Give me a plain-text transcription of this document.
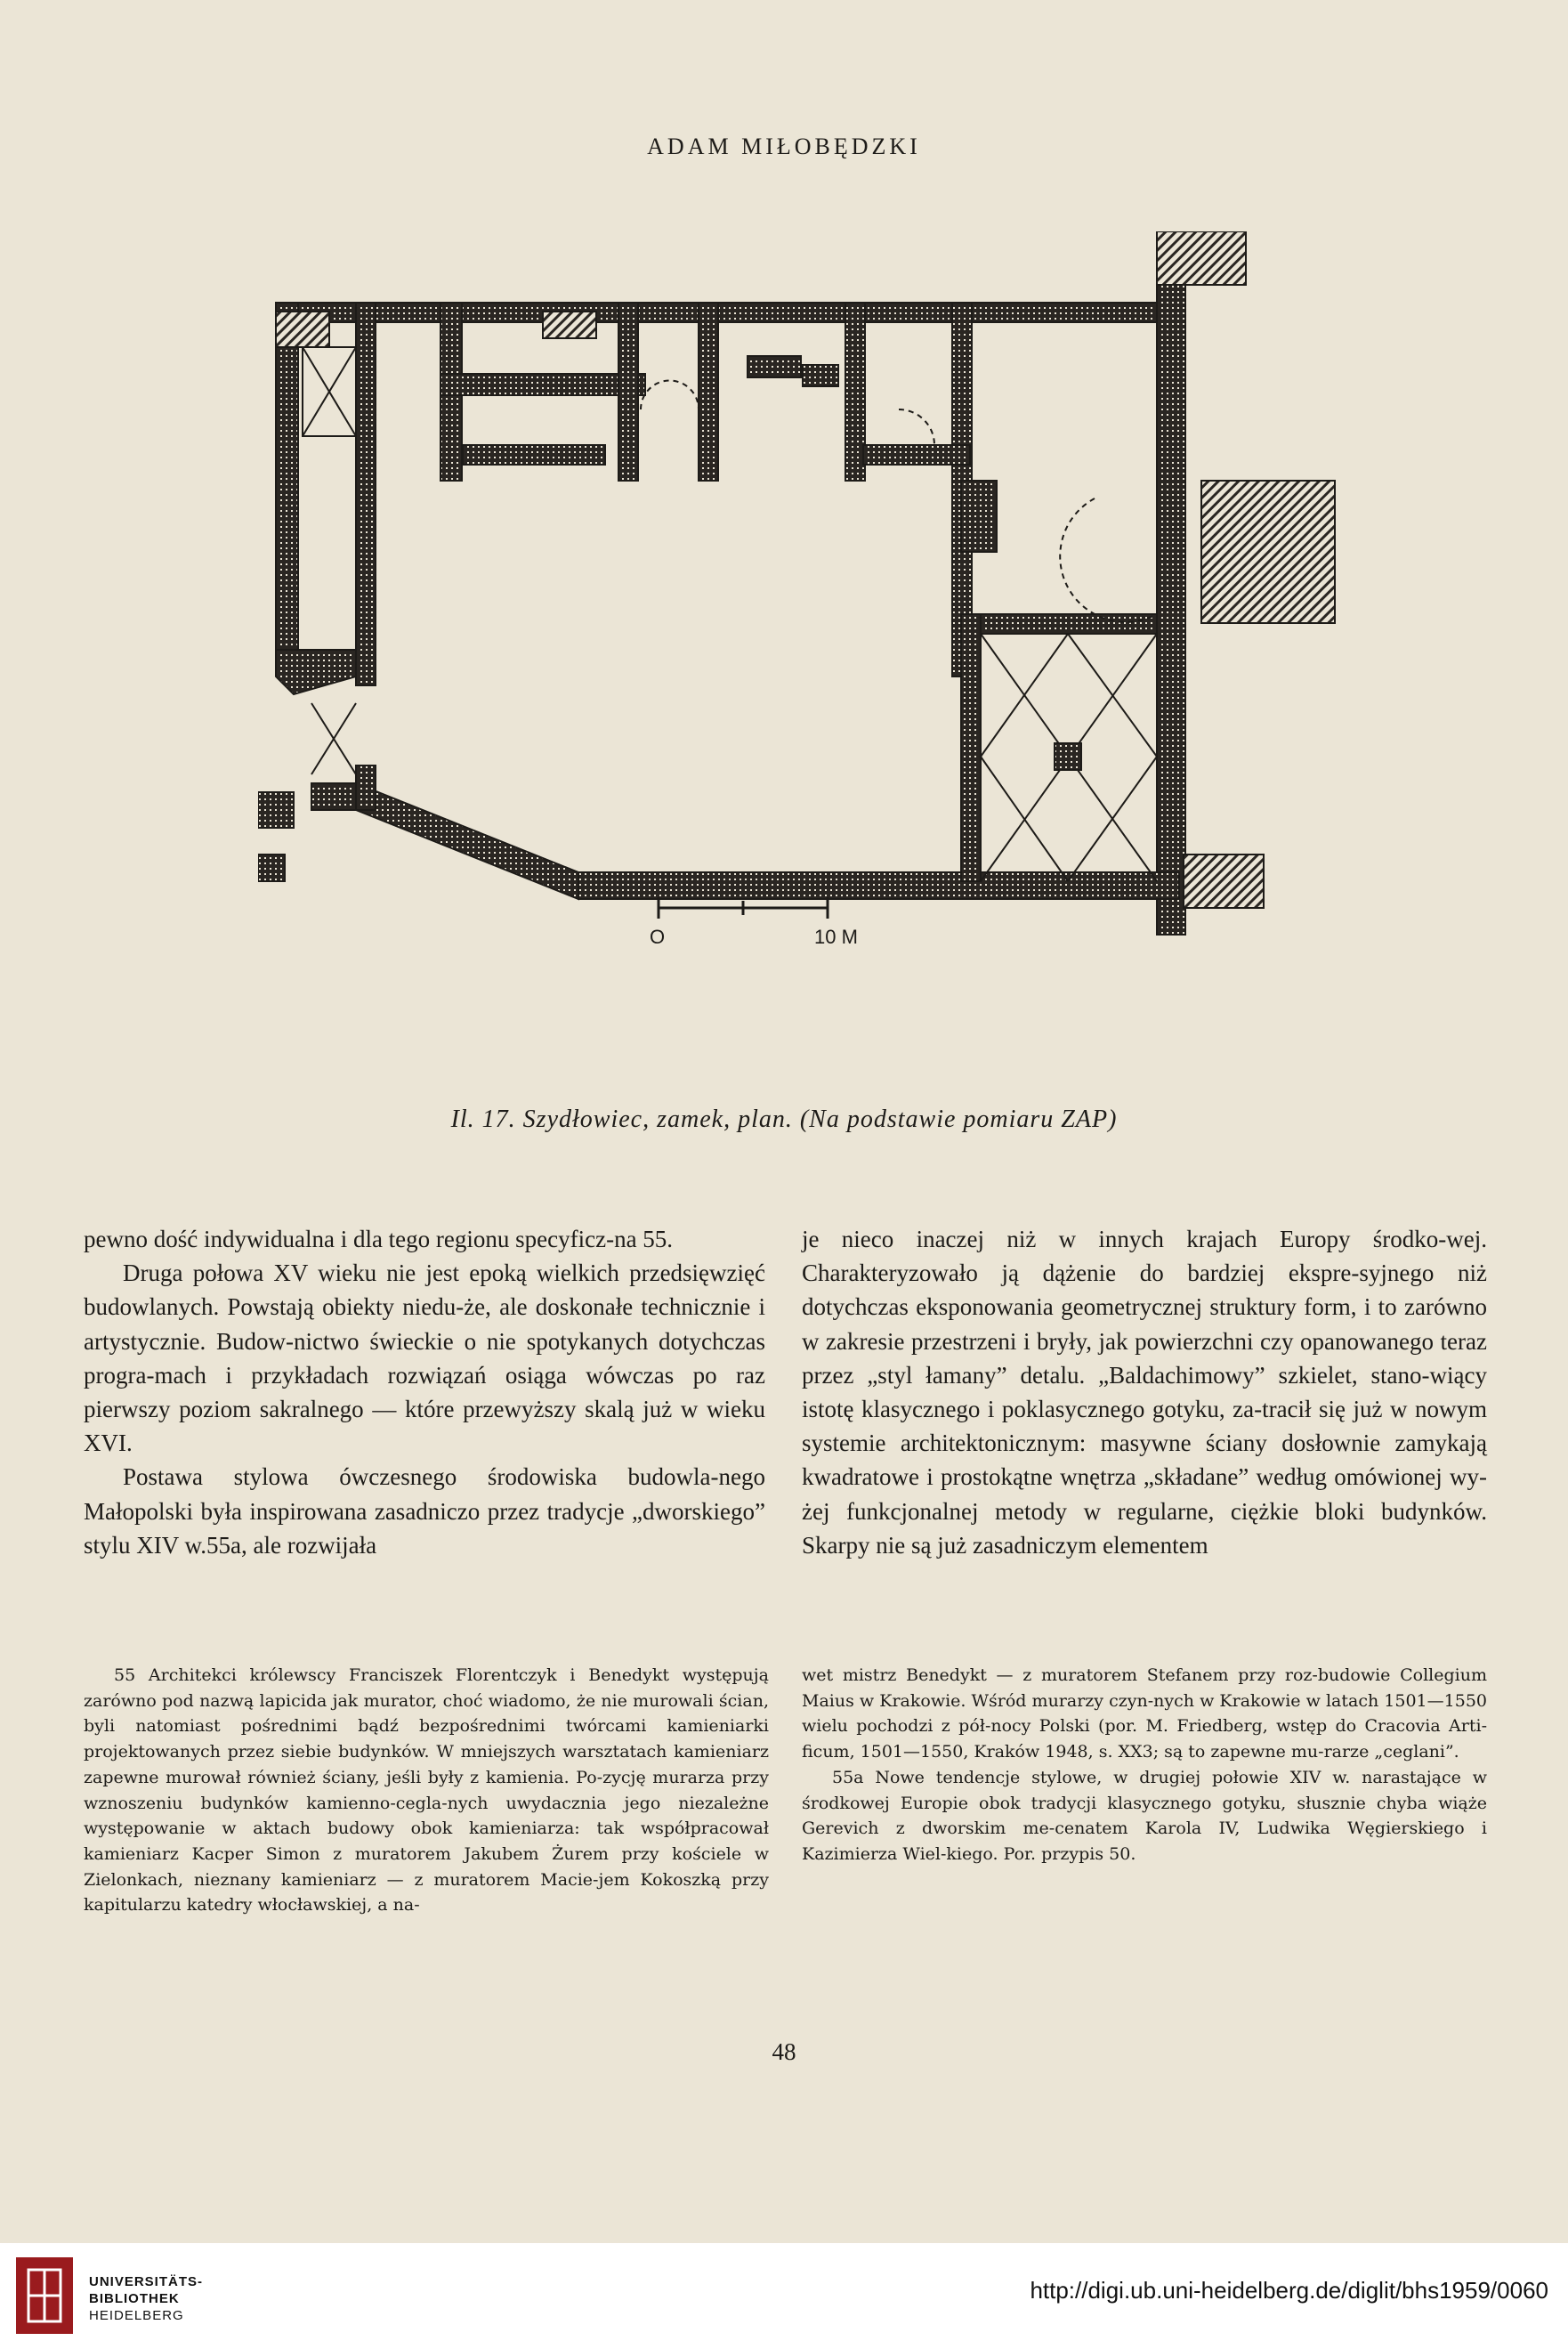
ADAM MIŁOBĘDZKI
O	10 M
Il. 17. Szydłowiec, zamek, plan. (Na podstawie pomiaru ZAP)

pewno dość indywidualna i dla tego regionu specyficz-na 55.

Druga połowa XV wieku nie jest epoką wielkich przedsięwzięć budowlanych. Powstają obiekty niedu-że, ale doskonałe technicznie i artystycznie. Budow-nictwo świeckie o nie spotykanych dotychczas progra-mach i przykładach rozwiązań osiąga wówczas po raz pierwszy poziom sakralnego — które przewyższy skalą już w wieku XVI.

Postawa stylowa ówczesnego środowiska budowla-nego Małopolski była inspirowana zasadniczo przez tradycje „dworskiego” stylu XIV w.55a, ale rozwijała

je nieco inaczej niż w innych krajach Europy środko-wej. Charakteryzowało ją dążenie do bardziej ekspre-syjnego niż dotychczas eksponowania geometrycznej struktury form, i to zarówno w zakresie przestrzeni i bryły, jak powierzchni czy opanowanego teraz przez „styl łamany” detalu. „Baldachimowy” szkielet, stano-wiący istotę klasycznego i poklasycznego gotyku, za-tracił się już w nowym systemie architektonicznym: masywne ściany dosłownie zamykają kwadratowe i prostokątne wnętrza „składane” według omówionej wy-żej funkcjonalnej metody w regularne, ciężkie bloki budynków. Skarpy nie są już zasadniczym elementem

55 Architekci królewscy Franciszek Florentczyk i Benedykt występują zarówno pod nazwą lapicida jak murator, choć wiadomo, że nie murowali ścian, byli natomiast pośrednimi bądź bezpośrednimi twórcami kamieniarki projektowanych przez siebie budynków. W mniejszych warsztatach kamieniarz zapewne murował również ściany, jeśli były z kamienia. Po-zycję murarza przy wznoszeniu budynków kamienno-cegla-nych uwydacznia jego niezależne występowanie w aktach budowy obok kamieniarza: tak współpracował kamieniarz Kacper Simon z muratorem Jakubem Żurem przy kościele w Zielonkach, nieznany kamieniarz — z muratorem Macie-jem Kokoszką przy kapitularzu katedry włocławskiej, a na-

wet mistrz Benedykt — z muratorem Stefanem przy roz-budowie Collegium Maius w Krakowie. Wśród murarzy czyn-nych w Krakowie w latach 1501—1550 wielu pochodzi z pół-nocy Polski (por. M. Friedberg, wstęp do Cracovia Arti-ficum, 1501—1550, Kraków 1948, s. XX3; są to zapewne mu-rarze „ceglani”.

55a Nowe tendencje stylowe, w drugiej połowie XIV w. narastające w środkowej Europie obok tradycji klasycznego gotyku, słusznie chyba wiąże Gerevich z dworskim me-cenatem Karola IV, Ludwika Węgierskiego i Kazimierza Wiel-kiego. Por. przypis 50.

48
UNIVERSITÄTS-
BIBLIOTHEK
HEIDELBERG
http://digi.ub.uni-heidelberg.de/diglit/bhs1959/0060
